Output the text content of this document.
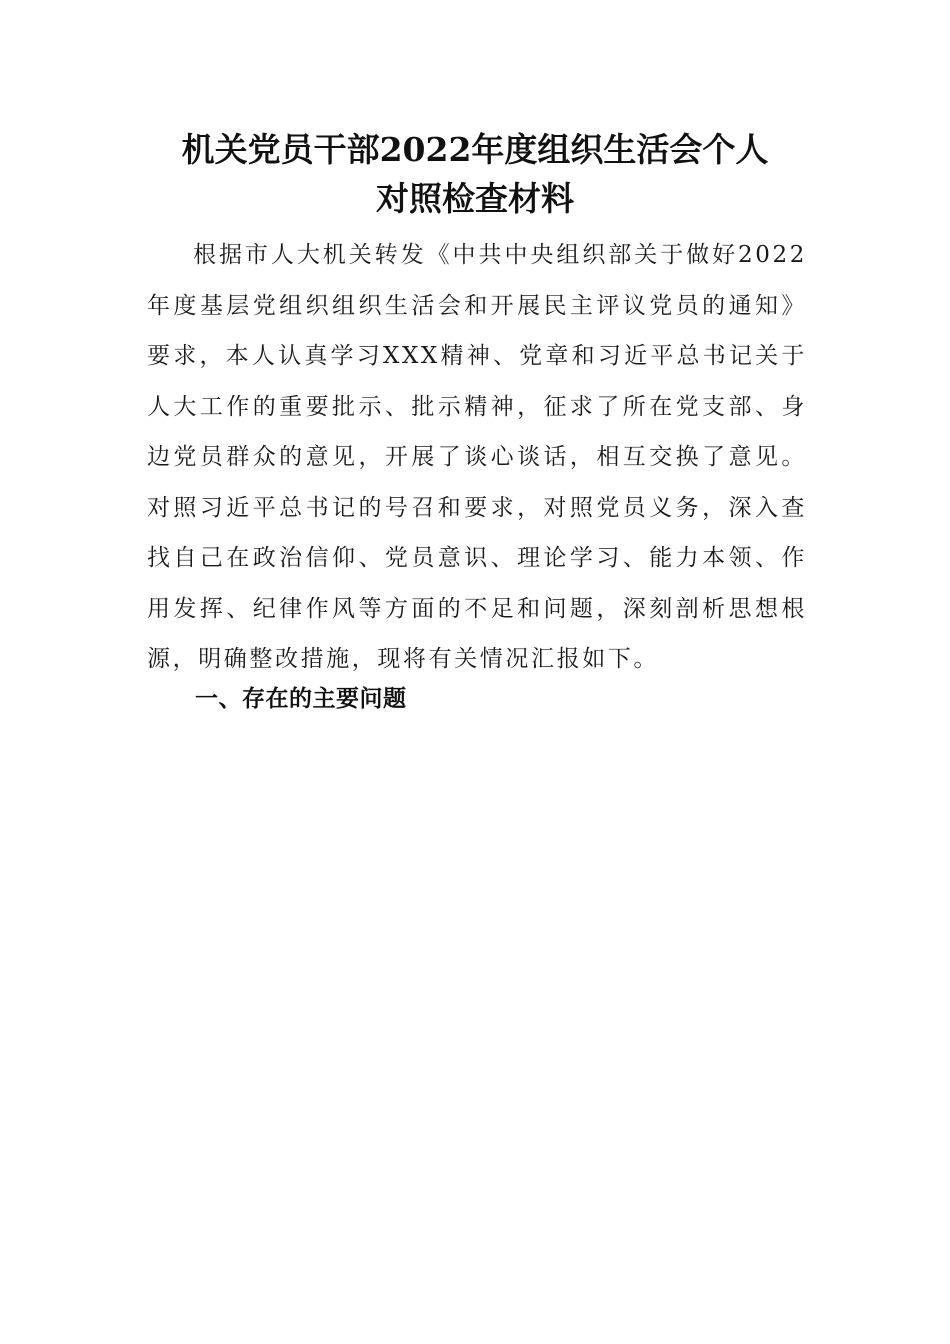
机关党员干部2022年度组织生活会个人
对照检查材料

根据市人大机关转发《中共中央组织部关于做好2022年度基层党组织组织生活会和开展民主评议党员的通知》要求，本人认真学习XXX精神、党章和习近平总书记关于人大工作的重要批示、批示精神，征求了所在党支部、身边党员群众的意见，开展了谈心谈话，相互交换了意见。对照习近平总书记的号召和要求，对照党员义务，深入查找自己在政治信仰、党员意识、理论学习、能力本领、作用发挥、纪律作风等方面的不足和问题，深刻剖析思想根源，明确整改措施，现将有关情况汇报如下。

一、存在的主要问题
